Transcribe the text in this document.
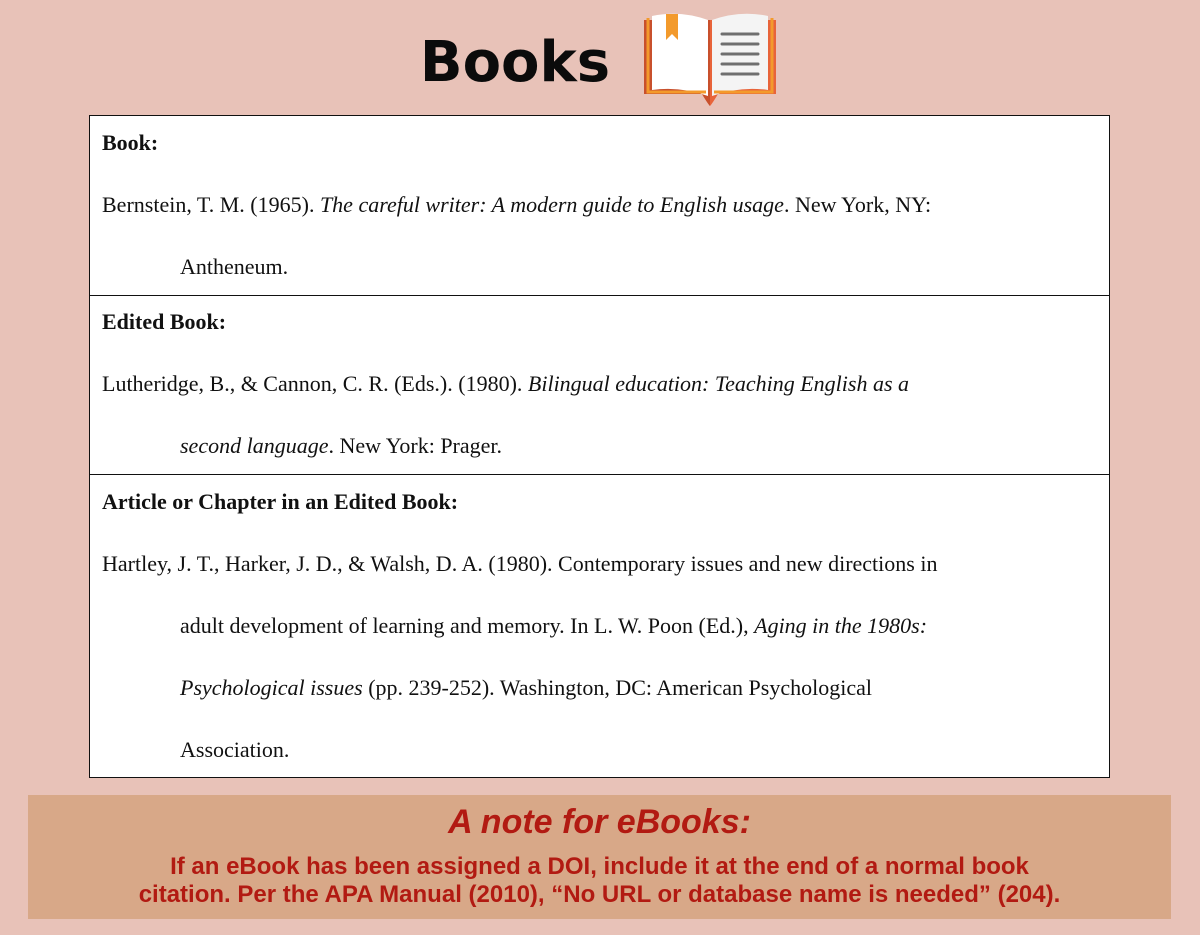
Books
Book:
Bernstein, T. M. (1965). The careful writer: A modern guide to English usage. New York, NY:
Antheneum.
Edited Book:
Lutheridge, B., & Cannon, C. R. (Eds.). (1980). Bilingual education: Teaching English as a
second language. New York: Prager.
Article or Chapter in an Edited Book:
Hartley, J. T., Harker, J. D., & Walsh, D. A. (1980). Contemporary issues and new directions in
adult development of learning and memory. In L. W. Poon (Ed.), Aging in the 1980s:
Psychological issues (pp. 239-252). Washington, DC: American Psychological
Association.
A note for eBooks:
If an eBook has been assigned a DOI, include it at the end of a normal book
citation. Per the APA Manual (2010), “No URL or database name is needed” (204).
